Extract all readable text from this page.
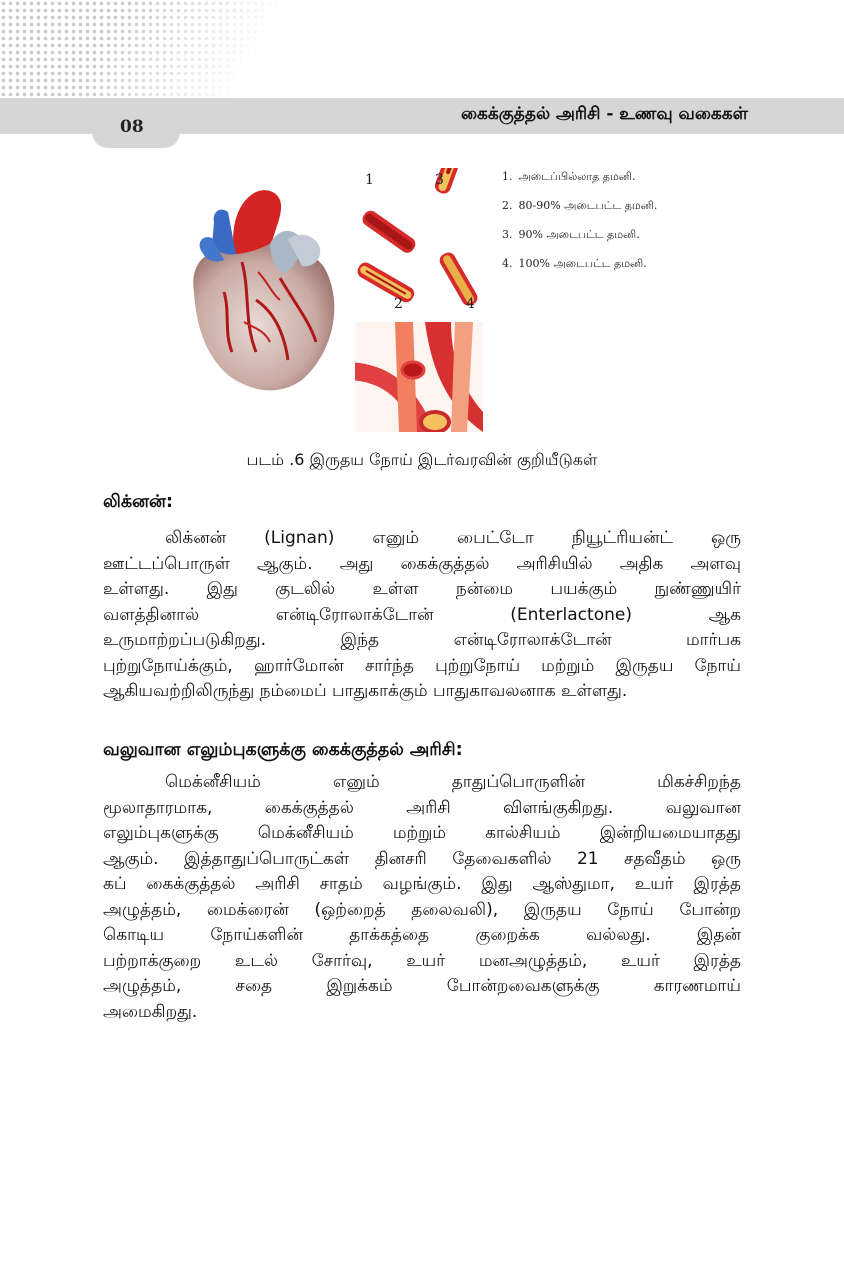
08
கைக்குத்தல் அரிசி - உணவு வகைகள்
1	3
2	4
1. அடைப்பில்லாத தமனி.
2. 80-90% அடைபட்ட தமனி.
3. 90% அடைபட்ட தமனி.
4. 100% அடைபட்ட தமனி.
படம் .6 இருதய நோய் இடர்வரவின் குறியீடுகள்
லிக்னன்:
லிக்னன் (Lignan) எனும் பைட்டோ நியூட்ரியன்ட் ஒரு
ஊட்டப்பொருள் ஆகும். அது கைக்குத்தல் அரிசியில் அதிக அளவு
உள்ளது. இது குடலில் உள்ள நன்மை பயக்கும் நுண்ணுயிர்
வளத்தினால் என்டிரோலாக்டோன் (Enterlactone) ஆக
உருமாற்றப்படுகிறது. இந்த என்டிரோலாக்டோன் மார்பக
புற்றுநோய்க்கும், ஹார்மோன் சார்ந்த புற்றுநோய் மற்றும் இருதய நோய்
ஆகியவற்றிலிருந்து நம்மைப் பாதுகாக்கும் பாதுகாவலனாக உள்ளது.
வலுவான எலும்புகளுக்கு கைக்குத்தல் அரிசி:
மெக்னீசியம் எனும் தாதுப்பொருளின் மிகச்சிறந்த
மூலாதாரமாக, கைக்குத்தல் அரிசி விளங்குகிறது. வலுவான
எலும்புகளுக்கு மெக்னீசியம் மற்றும் கால்சியம் இன்றியமையாதது
ஆகும். இத்தாதுப்பொருட்கள் தினசரி தேவைகளில் 21 சதவீதம் ஒரு
கப் கைக்குத்தல் அரிசி சாதம் வழங்கும். இது ஆஸ்துமா, உயர் இரத்த
அழுத்தம், மைக்ரைன் (ஒற்றைத் தலைவலி), இருதய நோய் போன்ற
கொடிய நோய்களின் தாக்கத்தை குறைக்க வல்லது. இதன்
பற்றாக்குறை உடல் சோர்வு, உயர் மனஅழுத்தம், உயர் இரத்த
அழுத்தம், சதை இறுக்கம் போன்றவைகளுக்கு காரணமாய்
அமைகிறது.
